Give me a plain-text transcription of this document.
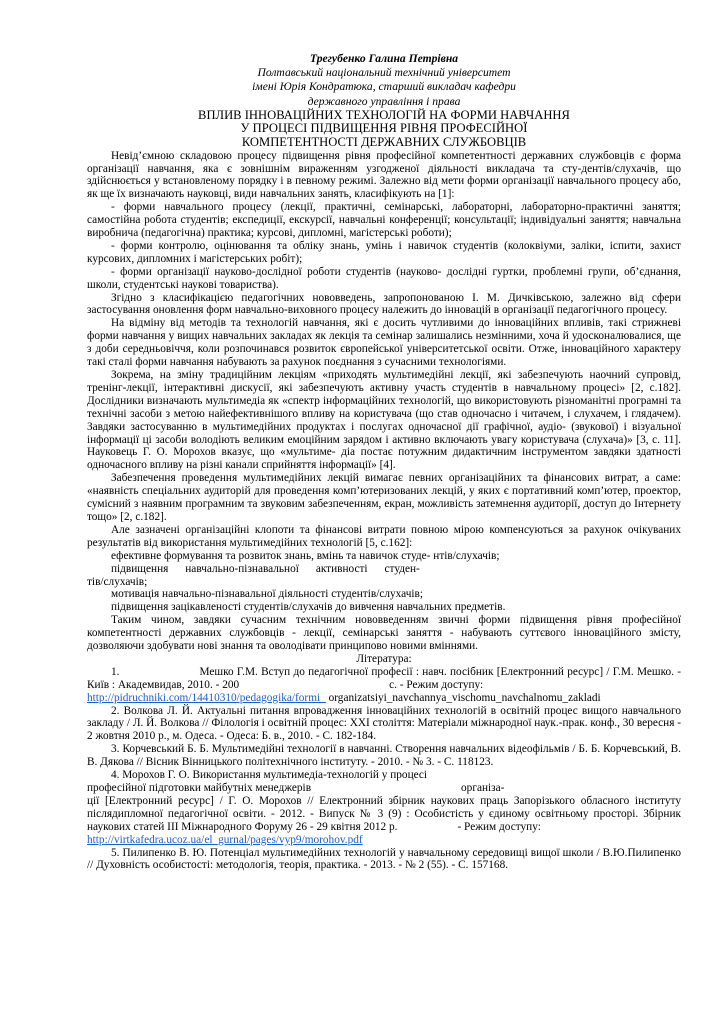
Трегубенко Галина Петрівна
Полтавський національний технічний університет
імені Юрія Кондратюка, старший викладач кафедри
державного управління і права
ВПЛИВ ІННОВАЦІЙНИХ ТЕХНОЛОГІЙ НА ФОРМИ НАВЧАННЯ
У ПРОЦЕСІ ПІДВИЩЕННЯ РІВНЯ ПРОФЕСІЙНОЇ
КОМПЕТЕНТНОСТІ ДЕРЖАВНИХ СЛУЖБОВЦІВ

Невід’ємною складовою процесу підвищення рівня професійної компетентності державних службовців є форма організації навчання, яка є зовнішнім вираженням узгодженої діяльності викладача та сту-дентів/слухачів, що здійснюється у встановленому порядку і в певному режимі. Залежно від мети форми організації навчального процесу або, як ще їх визначають науковці, види навчальних занять, класифікують на [1]:

- форми навчального процесу (лекції, практичні, семінарські, лабораторні, лабораторно-практичні заняття; самостійна робота студентів; експедиції, екскурсії, навчальні конференції; консультації; індивідуальні заняття; навчальна виробнича (педагогічна) практика; курсові, дипломні, магістерські роботи);

- форми контролю, оцінювання та обліку знань, умінь і навичок студентів (колоквіуми, заліки, іспити, захист курсових, дипломних і магістерських робіт);

- форми організації науково-дослідної роботи студентів (науково- дослідні гуртки, проблемні групи, об’єднання, школи, студентські наукові товариства).

Згідно з класифікацією педагогічних нововведень, запропонованою І. М. Дичківською, залежно від сфери застосування оновлення форм навчально-виховного процесу належить до інновацій в організації педагогічного процесу.

На відміну від методів та технологій навчання, які є досить чутливими до інноваційних впливів, такі стрижневі форми навчання у вищих навчальних закладах як лекція та семінар залишались незмінними, хоча й удосконалювалися, ще з доби середньовіччя, коли розпочинався розвиток європейської університетської освіти. Отже, інноваційного характеру такі сталі форми навчання набувають за рахунок поєднання з сучасними технологіями.

Зокрема, на зміну традиційним лекціям «приходять мультимедійні лекції, які забезпечують наочний супровід, тренінг-лекції, інтерактивні дискусії, які забезпечують активну участь студентів в навчальному процесі» [2, с.182]. Дослідники визначають мультимедіа як «спектр інформаційних технологій, що використовують різноманітні програмні та технічні засоби з метою найефективнішого впливу на користувача (що став одночасно і читачем, і слухачем, і глядачем). Завдяки застосуванню в мультимедійних продуктах і послугах одночасної дії графічної, аудіо- (звукової) і візуальної інформації ці засоби володіють великим емоційним зарядом і активно включають увагу користувача (слухача)» [3, с. 11]. Науковець Г. О. Морохов вказує, що «мультиме- діа постає потужним дидактичним інструментом завдяки здатності одночасного впливу на різні канали сприйняття інформації» [4].

Забезпечення проведення мультимедійних лекцій вимагає певних організаційних та фінансових витрат, а саме: «наявність спеціальних аудиторій для проведення комп’ютеризованих лекцій, у яких є портативний комп’ютер, проектор, сумісний з наявним програмним та звуковим забезпеченням, екран, можливість затемнення аудиторії, доступ до Інтернету тощо» [2, с.182].

Але зазначені організаційні клопоти та фінансові витрати повною мірою компенсуються за рахунок очікуваних результатів від використання мультимедійних технологій [5, с.162]:

ефективне формування та розвиток знань, вмінь та навичок студе- нтів/слухачів;

підвищення      навчально-пізнавальної      активності      студен-

тів/слухачів;

мотивація навчально-пізнавальної діяльності студентів/слухачів;

підвищення зацікавленості студентів/слухачів до вивчення навчальних предметів.

Таким чином, завдяки сучасним технічним нововведенням звичні форми підвищення рівня професійної компетентності державних службовців - лекції, семінарські заняття - набувають суттєвого інноваційного змісту, дозволяючи здобувати нові знання та оволодівати принципово новими вміннями.

Література:

1.	Мешко Г.М. Вступ до педагогічної професії : навч. посібник [Електронний ресурс] / Г.М. Мешко. - Київ : Академвидав, 2010. - 200	с. - Режим доступу:

http://pidruchniki.com/14410310/pedagogika/formi_ organizatsiyi_navchannya_vischomu_navchalnomu_zakladi

2. Волкова Л. Й. Актуальні питання впровадження інноваційних технологій в освітній процес вищого навчального закладу / Л. Й. Волкова // Філологія і освітній процес: XXI століття: Матеріали міжнародної наук.-прак. конф., 30 вересня - 2 жовтня 2010 р., м. Одеса. - Одеса: Б. в., 2010. - С. 182-184.

3. Корчевський Б. Б. Мультимедійні технології в навчанні. Створення навчальних відеофільмів / Б. Б. Корчевський, В. В. Дякова // Вісник Вінницького політехнічного інституту. - 2010. - № 3. - С. 118123.

4. Морохов Г. О. Використання мультимедіа-технологій у процесі

професійної підготовки майбутніх менеджерів	організа-

ції [Електронний ресурс] / Г. О. Морохов // Електронний збірник наукових праць Запорізького обласного інституту післядипломної педагогічної освіти. - 2012. - Випуск № 3 (9) : Особистість у єдиному освітньому просторі. Збірник наукових статей ІІІ Міжнародного Форуму 26 - 29 квітня 2012 р.	- Режим доступу:

http://virtkafedra.ucoz.ua/el_gurnal/pages/vyp9/morohov.pdf

5. Пилипенко В. Ю. Потенціал мультимедійних технологій у навчальному середовищі вищої школи / В.Ю.Пилипенко // Духовність особистості: методологія, теорія, практика. - 2013. - № 2 (55). - С. 157168.
